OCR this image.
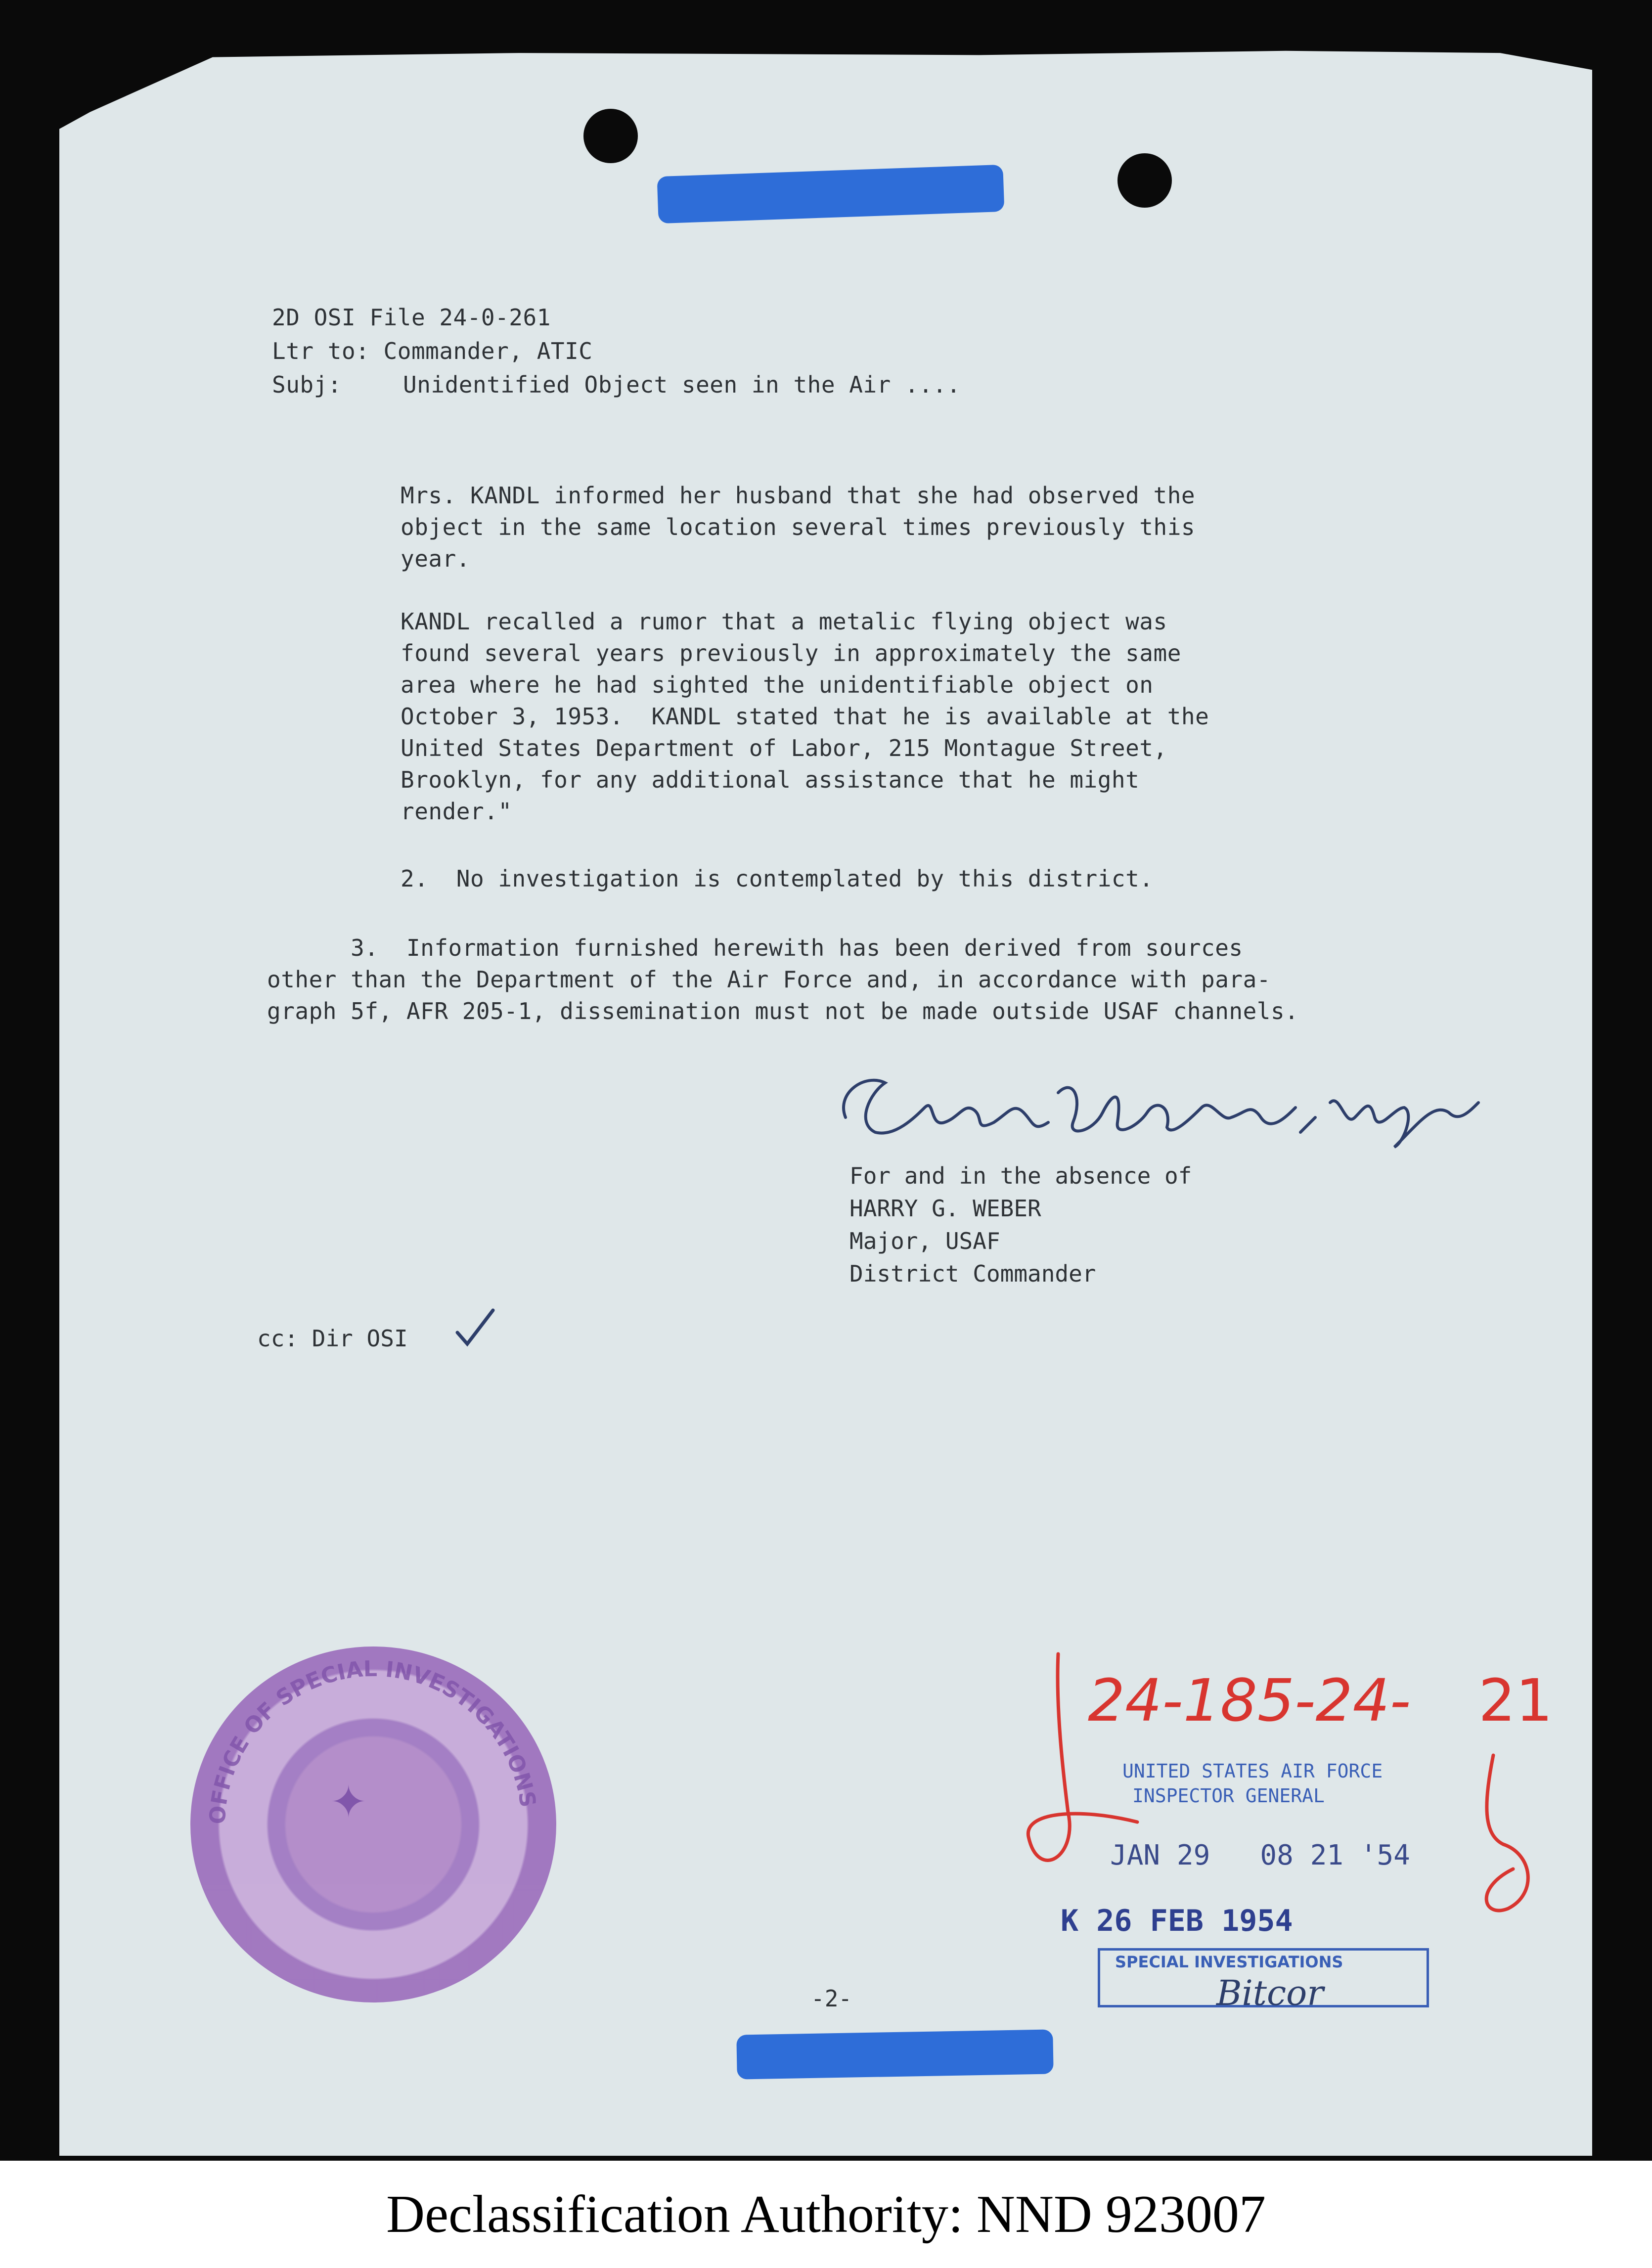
2D OSI File 24-0-261
Ltr to: Commander, ATIC
Subj:	Unidentified Object seen in the Air ....
Mrs. KANDL informed her husband that she had observed the
object in the same location several times previously this
year.
KANDL recalled a rumor that a metalic flying object was
found several years previously in approximately the same
area where he had sighted the unidentifiable object on
October 3, 1953.  KANDL stated that he is available at the
United States Department of Labor, 215 Montague Street,
Brooklyn, for any additional assistance that he might
render."
2.  No investigation is contemplated by this district.
3.  Information furnished herewith has been derived from sources
other than the Department of the Air Force and, in accordance with para-
graph 5f, AFR 205-1, dissemination must not be made outside USAF channels.
For and in the absence of
HARRY G. WEBER
Major, USAF
District Commander
cc: Dir OSI
OFFICE OF SPECIAL INVESTIGATIONS
✦
24-185-24- 21
UNITED STATES AIR FORCE
INSPECTOR GENERAL
JAN 29   08 21 '54
K 26 FEB 1954
SPECIAL INVESTIGATIONS
Bitcor
-2-
Declassification Authority: NND 923007
